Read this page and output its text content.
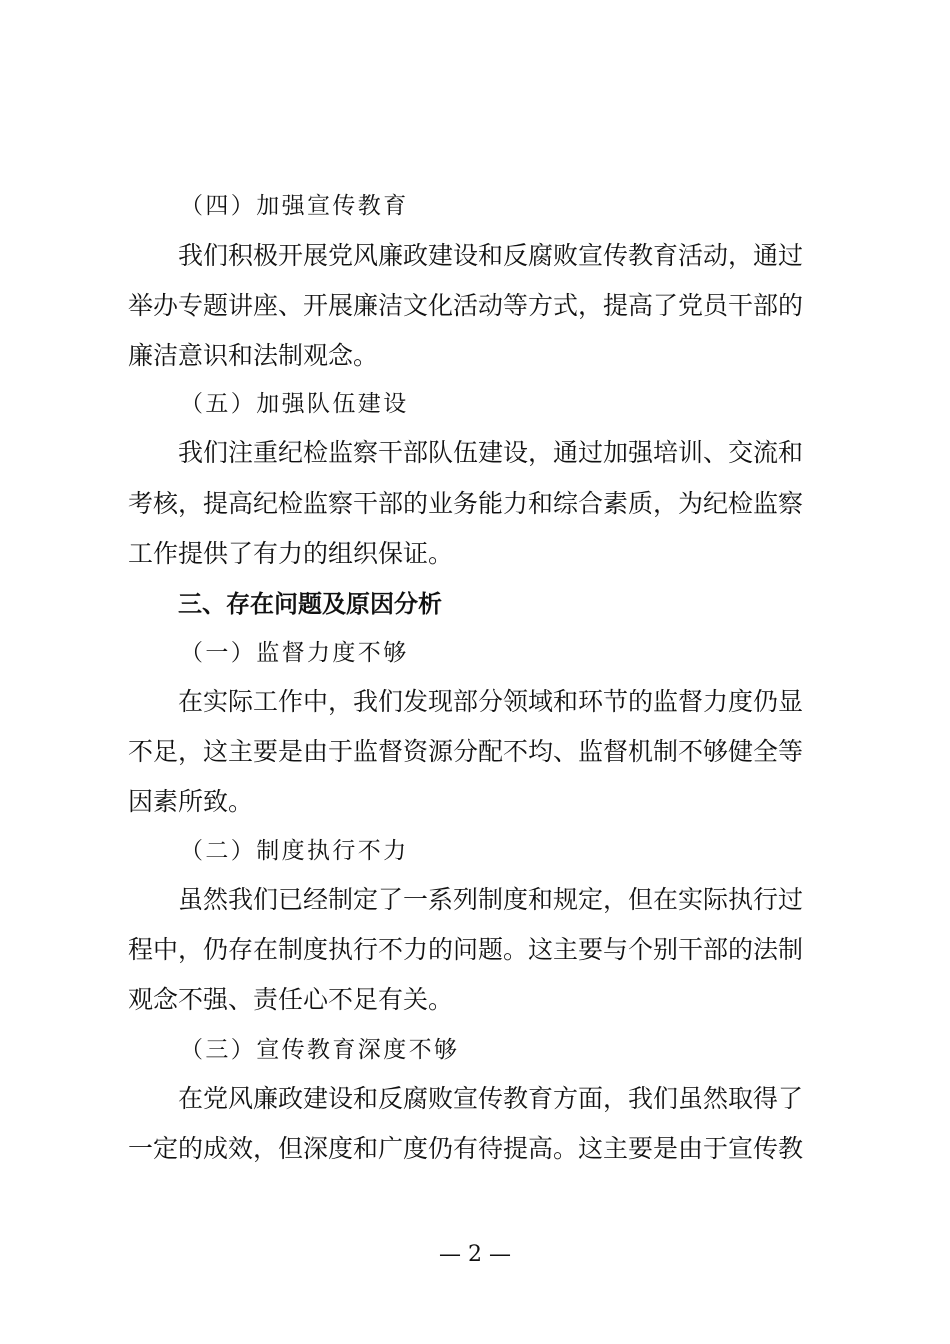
（四）加强宣传教育
我们积极开展党风廉政建设和反腐败宣传教育活动，通过
举办专题讲座、开展廉洁文化活动等方式，提高了党员干部的
廉洁意识和法制观念。
（五）加强队伍建设
我们注重纪检监察干部队伍建设，通过加强培训、交流和
考核，提高纪检监察干部的业务能力和综合素质，为纪检监察
工作提供了有力的组织保证。
三、存在问题及原因分析
（一）监督力度不够
在实际工作中，我们发现部分领域和环节的监督力度仍显
不足，这主要是由于监督资源分配不均、监督机制不够健全等
因素所致。
（二）制度执行不力
虽然我们已经制定了一系列制度和规定，但在实际执行过
程中，仍存在制度执行不力的问题。这主要与个别干部的法制
观念不强、责任心不足有关。
（三）宣传教育深度不够
在党风廉政建设和反腐败宣传教育方面，我们虽然取得了
一定的成效，但深度和广度仍有待提高。这主要是由于宣传教
— 2 —
